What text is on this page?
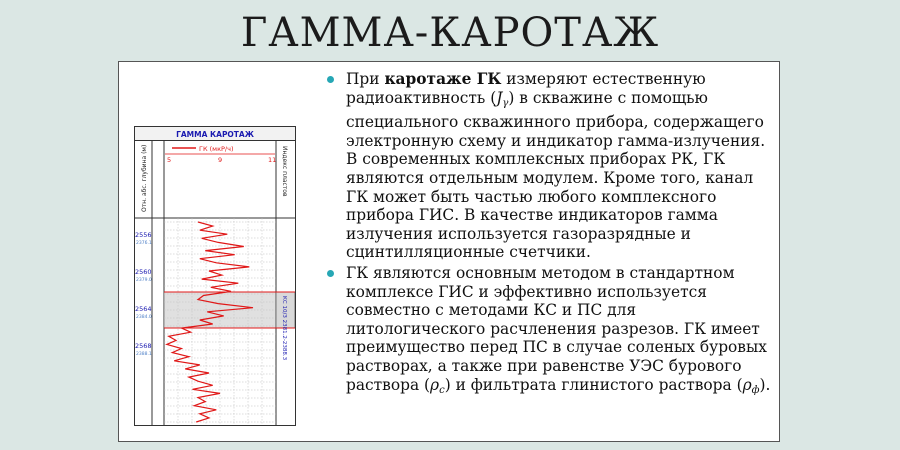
ГАММА-КАРОТАЖ
ГАММА КАРОТАЖ
Отн. абс. глубина (м)	Индекс пластов
ГК (мкР/ч)
5	9	11
КС 10/3 2381.2-2388.3
2556
2560
2564
2568
2376.1
2379.0
2384.0
2388.1
При каротаже ГК измеряют естественную радиоактивность $(J_\gamma)$ в скважине с помощью специального скважинного прибора, содержащего электронную схему и индикатор гамма-излучения. В современных комплексных приборах РК, ГК являются отдельным модулем. Кроме того, канал ГК может быть частью любого комплексного прибора ГИС. В качестве индикаторов гамма излучения используется газоразрядные и сцинтилляционные счетчики.
ГК являются основным методом в стандартном комплексе ГИС и эффективно используется совместно с методами КС и ПС для литологического расчленения разрезов. ГК имеет преимущество перед ПС в случае соленых буровых растворах, а также при равенстве УЭС бурового раствора $(\rho_c)$ и фильтрата глинистого раствора $(\rho_ф)$.
